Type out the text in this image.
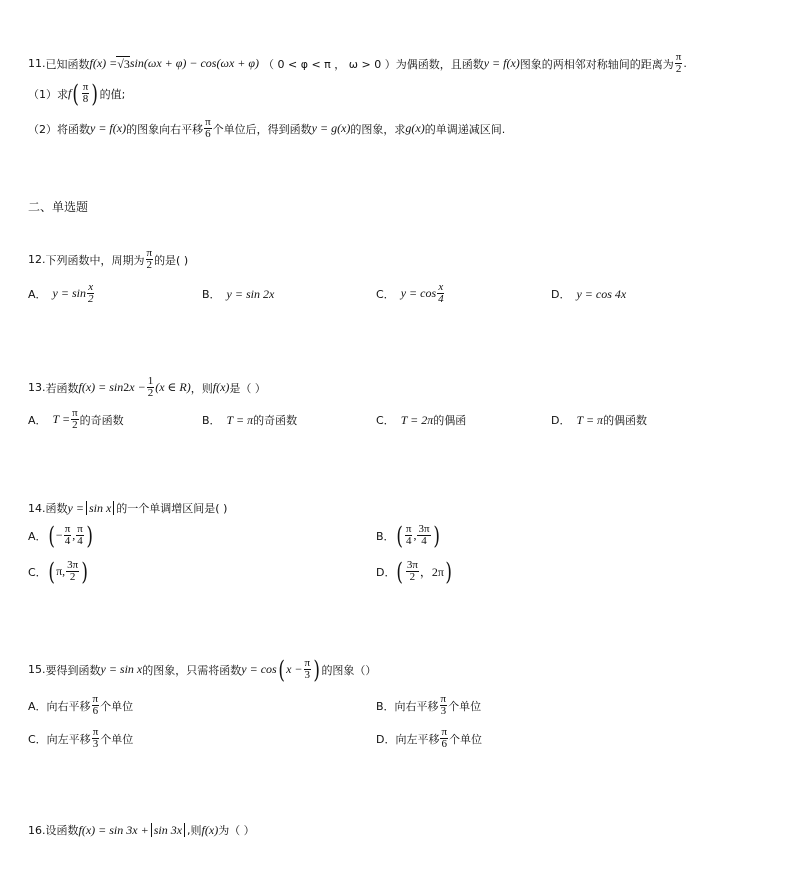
11. 已知函数 f(x) = √3 sin(ωx + φ) − cos(ωx + φ) （ 0 < φ < π ， ω > 0 ） 为偶函数，且函数 y = f(x) 图象的两相邻对称轴间的距离为 $\frac{\pi}{2}$ .
（1）求 f ( $\frac{\pi}{8}$ ) 的值;
（2）将函数 y = f(x) 的图象向右平移 $\frac{\pi}{6}$ 个单位后，得到函数 y = g(x) 的图象，求 g(x) 的单调递减区间.
二、单选题
12. 下列函数中，周期为 $\frac{\pi}{2}$ 的是( )
A． $y = \sin \frac{x}{2}$	B． y = sin 2x	C． $y = \cos \frac{x}{4}$	D． y = cos 4x
13. 若函数 f(x) = sin 2 $x - \frac{1}{2} (x$ ∈ R) ，则 f(x) 是（ ）
A． $T = \frac{\pi}{2}$ 的奇函数	B． T = π 的奇函数	C． T = 2π 的偶函	D． T = π 的偶函数
14. 函数 y = sin x 的一个单调增区间是( )
A． ( − $\frac{\pi}{4}$ , $\frac{\pi}{4}$ )	B． ( $\frac{\pi}{4}$ , $\frac{3\pi}{4}$ )
C． ( π, $\frac{3\pi}{2}$ )	D． ( $\frac{3\pi}{2}$ ，2π )
15. 要得到函数 y = sin x 的图象，只需将函数 y = cos ( $x - \frac{\pi}{3}$ ) 的图象（）
A．向右平移 $\frac{\pi}{6}$ 个单位	B．向右平移 $\frac{\pi}{3}$ 个单位
C．向左平移 $\frac{\pi}{3}$ 个单位	D．向左平移 $\frac{\pi}{6}$ 个单位
16. 设函数 f(x) = sin 3x + sin 3x ,则 f(x) 为（ ）
